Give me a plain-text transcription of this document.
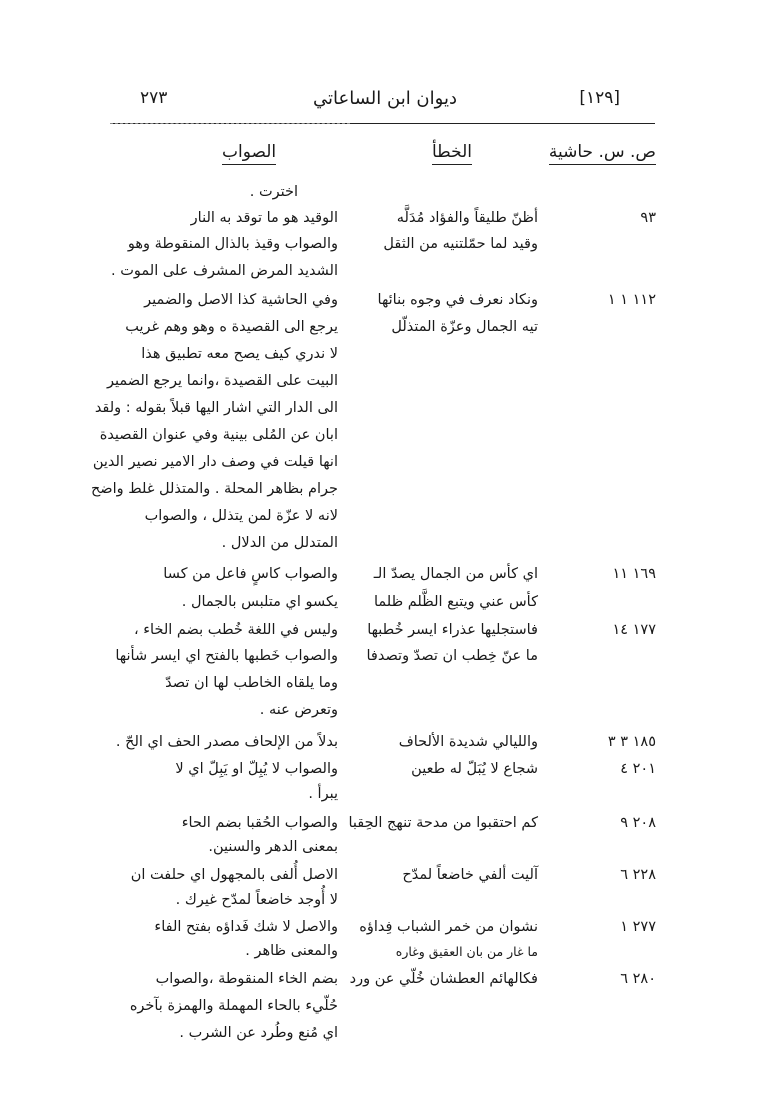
٢٧٣	ديوان ابن الساعاتي	[١٢٩]
ص. س. حاشية
الخطأ
الصواب
اخترت .
٩٣
أظنّ طليقاً والفؤاد مُدَلَّه
وقيد لما حمّلتنيه من الثقل
الوقيد هو ما توقد به النار
والصواب وقيذ بالذال المنقوطة وهو
الشديد المرض المشرف على الموت .
١١٢ ١ ١
ونكاد نعرف في وجوه بنائها
تيه الجمال وعزّة المتذلّل
وفي الحاشية كذا الاصل والضمير
يرجع الى القصيدة ه وهو وهم غريب
لا ندري كيف يصح معه تطبيق هذا
البيت على القصيدة ،وانما يرجع الضمير
الى الدار التي اشار اليها قبلاً بقوله : ولقد
ابان عن المُلى بينية وفي عنوان القصيدة
انها قيلت في وصف دار الامير نصير الدين
جرام بظاهر المحلة . والمتذلل غلط واضح
لانه لا عزّة لمن يتذلل ، والصواب
المتدلل من الدلال .
١٦٩ ١١
اي كأس من الجمال يصدّ الـ
كأس عني ويتبع الظَّلم ظلما
والصواب كاسٍ فاعل من كسا
يكسو اي متلبس بالجمال .
١٧٧ ١٤
فاستجليها عذراء ايسر خُطبها
ما عنّ خِطب ان تصدّ وتصدفا
وليس في اللغة خُطب بضم الخاء ،
والصواب خَطبها بالفتح اي ايسر شأنها
وما يلقاه الخاطب لها ان تصدّ
وتعرض عنه .
١٨٥ ٣ ٣
والليالي شديدة الألحاف
بدلاً من الإلحاف مصدر الحف اي الحّ .
٢٠١ ٤
شجاع لا يُبَلّ له طعين
والصواب لا يُبِلّ او يَبِلّ اي لا
يبرأ .
٢٠٨ ٩
كم احتقبوا من مدحة تنهج الحِقبا
والصواب الحُقبا بضم الحاء
بمعنى الدهر والسنين.
٢٢٨ ٦
آليت ألفي خاضعاً لمدّح
الاصل أُلفى بالمجهول اي حلفت ان
لا أُوجد خاضعاً لمدّح غيرك .
٢٧٧ ١
نشوان من خمر الشباب فِداؤه
ما غار من بان العقيق وغاره
والاصل لا شك فَداؤه بفتح الفاء
والمعنى ظاهر .
٢٨٠ ٦
فكالهائم العطشان خُلّي عن ورد
بضم الخاء المنقوطة ،والصواب
حُلّيء بالحاء المهملة والهمزة بآخره
اي مُنع وطُرد عن الشرب .
